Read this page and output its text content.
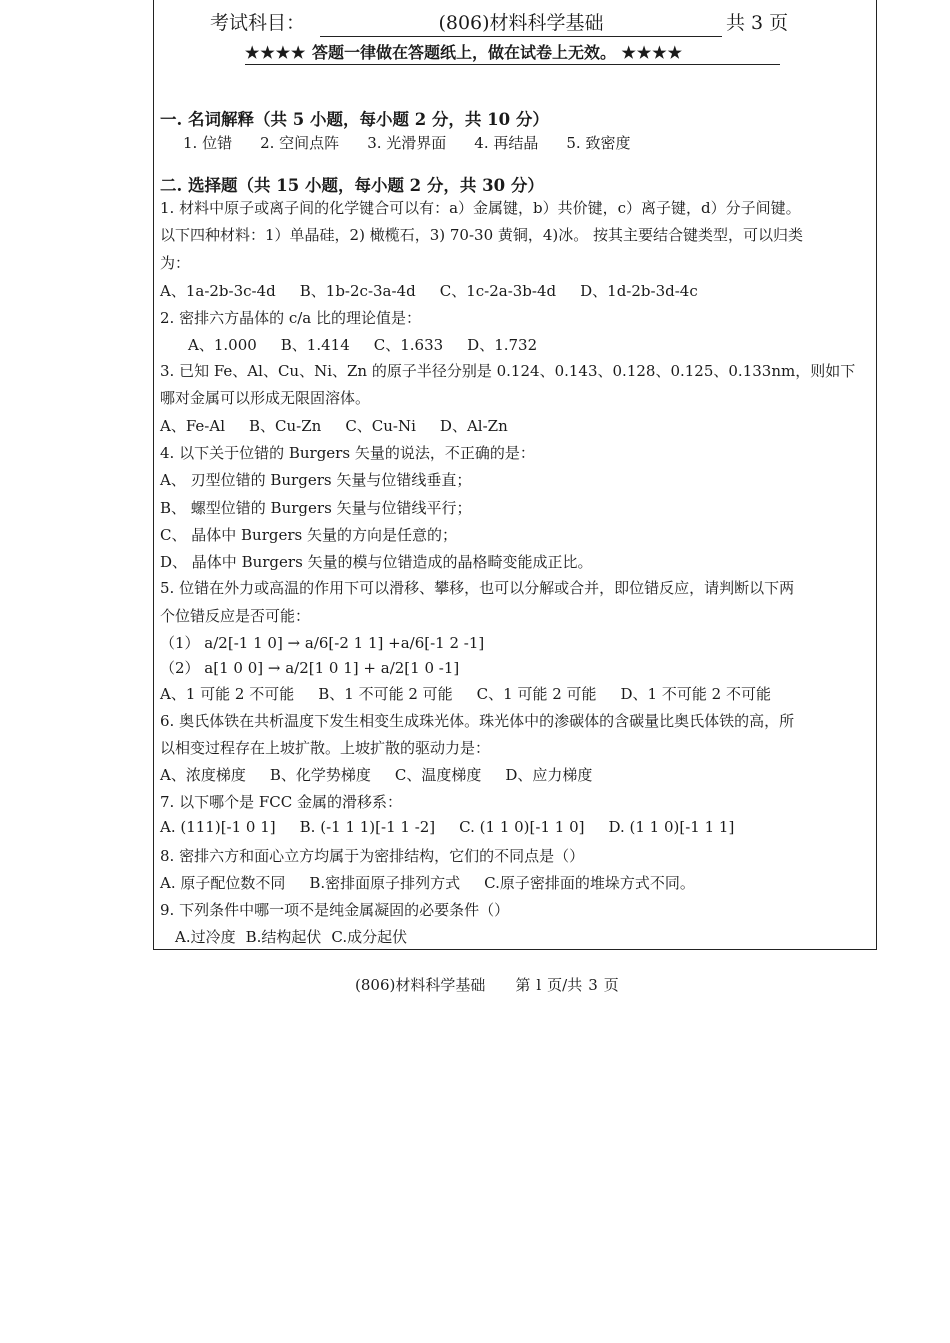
考试科目：	(806)材料科学基础	共 3 页
★★★★ 答题一律做在答题纸上，做在试卷上无效。 ★★★★
一. 名词解释（共 5 小题，每小题 2 分，共 10 分）
1. 位错 2. 空间点阵 3. 光滑界面 4. 再结晶 5. 致密度
二. 选择题（共 15 小题，每小题 2 分，共 30 分）
1. 材料中原子或离子间的化学键合可以有：a）金属键，b）共价键，c）离子键，d）分子间键。
以下四种材料：1）单晶硅，2) 橄榄石，3) 70-30 黄铜，4)冰。 按其主要结合键类型，可以归类
为：
A、1a-2b-3c-4d B、1b-2c-3a-4d C、1c-2a-3b-4d D、1d-2b-3d-4c
2. 密排六方晶体的 c/a 比的理论值是：
A、1.000 B、1.414 C、1.633 D、1.732
3. 已知 Fe、Al、Cu、Ni、Zn 的原子半径分别是 0.124、0.143、0.128、0.125、0.133nm，则如下
哪对金属可以形成无限固溶体。
A、Fe-Al B、Cu-Zn C、Cu-Ni D、Al-Zn
4. 以下关于位错的 Burgers 矢量的说法，不正确的是：
A、 刃型位错的 Burgers 矢量与位错线垂直；
B、 螺型位错的 Burgers 矢量与位错线平行；
C、 晶体中 Burgers 矢量的方向是任意的；
D、 晶体中 Burgers 矢量的模与位错造成的晶格畸变能成正比。
5. 位错在外力或高温的作用下可以滑移、攀移，也可以分解或合并，即位错反应，请判断以下两
个位错反应是否可能：
（1） a/2[-1 1 0] → a/6[-2 1 1] +a/6[-1 2 -1]
（2） a[1 0 0] → a/2[1 0 1] + a/2[1 0 -1]
A、1 可能 2 不可能 B、1 不可能 2 可能 C、1 可能 2 可能 D、1 不可能 2 不可能
6. 奥氏体铁在共析温度下发生相变生成珠光体。珠光体中的渗碳体的含碳量比奥氏体铁的高，所
以相变过程存在上坡扩散。上坡扩散的驱动力是：
A、浓度梯度 B、化学势梯度 C、温度梯度 D、应力梯度
7. 以下哪个是 FCC 金属的滑移系：
A. (111)[-1 0 1] B. (-1 1 1)[-1 1 -2] C. (1 1 0)[-1 1 0] D. (1 1 0)[-1 1 1]
8. 密排六方和面心立方均属于为密排结构，它们的不同点是（）
A. 原子配位数不同 B.密排面原子排列方式 C.原子密排面的堆垛方式不同。
9. 下列条件中哪一项不是纯金属凝固的必要条件（）
A.过冷度 B.结构起伏 C.成分起伏
(806)材料科学基础 第 l 页/共 3 页
